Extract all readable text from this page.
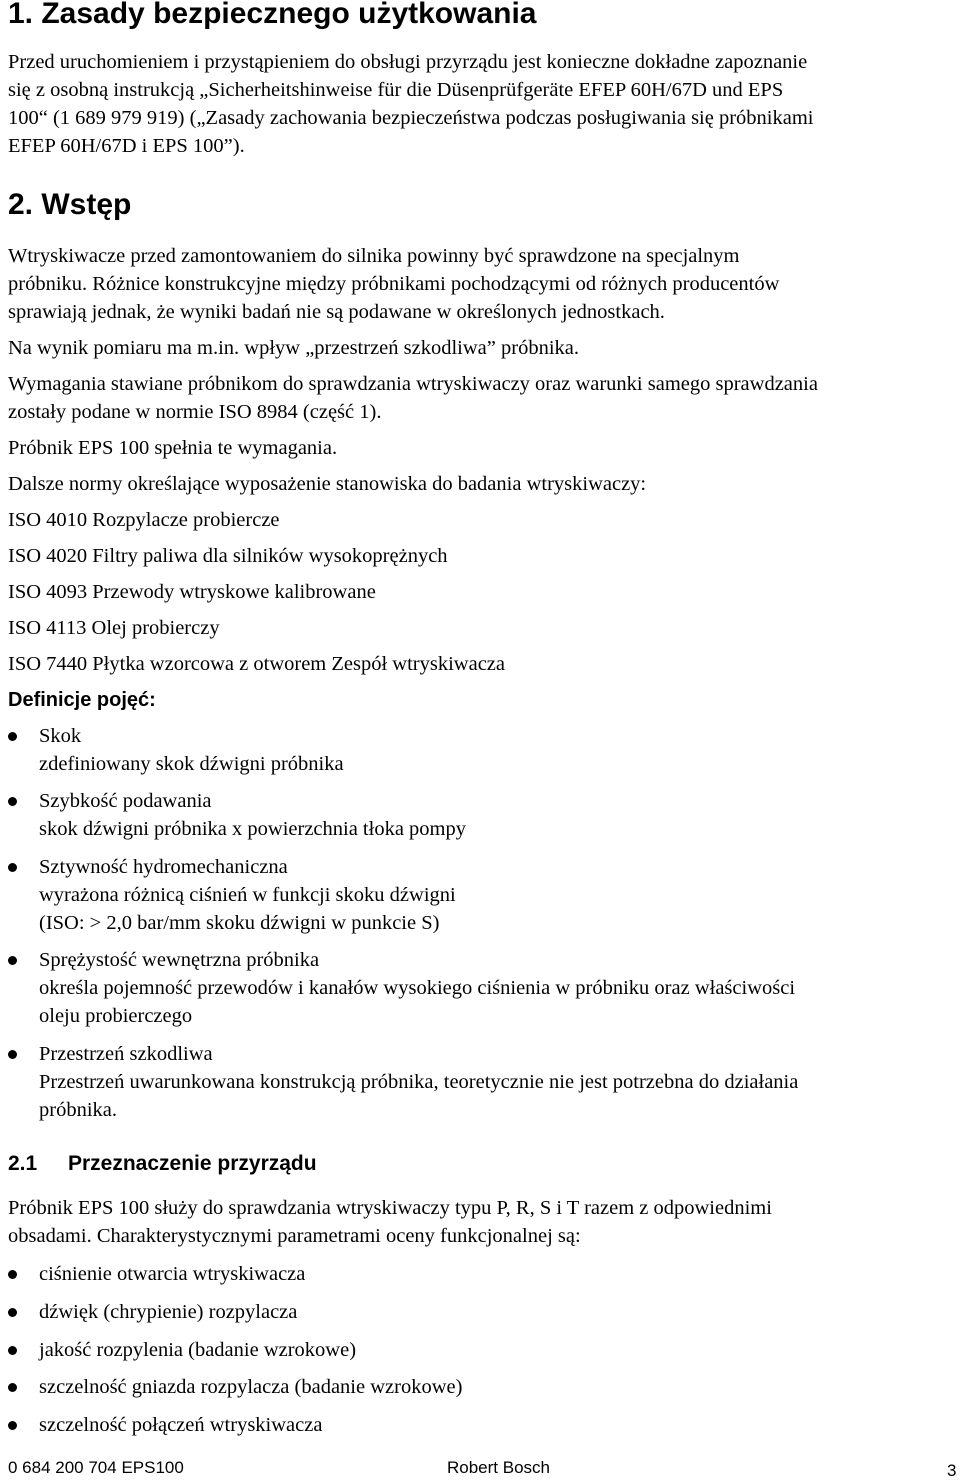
1. Zasady bezpiecznego użytkowania
Przed uruchomieniem i przystąpieniem do obsługi przyrządu jest konieczne dokładne zapoznanie
się z osobną instrukcją „Sicherheitshinweise für die Düsenprüfgeräte EFEP 60H/67D und EPS
100“ (1 689 979 919) („Zasady zachowania bezpieczeństwa podczas posługiwania się próbnikami
EFEP 60H/67D i EPS 100”).
2. Wstęp
Wtryskiwacze przed zamontowaniem do silnika powinny być sprawdzone na specjalnym
próbniku. Różnice konstrukcyjne między próbnikami pochodzącymi od różnych producentów
sprawiają jednak, że wyniki badań nie są podawane w określonych jednostkach.
Na wynik pomiaru ma m.in. wpływ „przestrzeń szkodliwa” próbnika.
Wymagania stawiane próbnikom do sprawdzania wtryskiwaczy oraz warunki samego sprawdzania
zostały podane w normie ISO 8984 (część 1).
Próbnik EPS 100 spełnia te wymagania.
Dalsze normy określające wyposażenie stanowiska do badania wtryskiwaczy:
ISO 4010 Rozpylacze probiercze
ISO 4020 Filtry paliwa dla silników wysokoprężnych
ISO 4093 Przewody wtryskowe kalibrowane
ISO 4113 Olej probierczy
ISO 7440 Płytka wzorcowa z otworem Zespół wtryskiwacza
Definicje pojęć:
Skok
zdefiniowany skok dźwigni próbnika
Szybkość podawania
skok dźwigni próbnika x powierzchnia tłoka pompy
Sztywność hydromechaniczna
wyrażona różnicą ciśnień w funkcji skoku dźwigni
(ISO: > 2,0 bar/mm skoku dźwigni w punkcie S)
Sprężystość wewnętrzna próbnika
określa pojemność przewodów i kanałów wysokiego ciśnienia w próbniku oraz właściwości
oleju probierczego
Przestrzeń szkodliwa
Przestrzeń uwarunkowana konstrukcją próbnika, teoretycznie nie jest potrzebna do działania
próbnika.
2.1 Przeznaczenie przyrządu
Próbnik EPS 100 służy do sprawdzania wtryskiwaczy typu P, R, S i T razem z odpowiednimi
obsadami. Charakterystycznymi parametrami oceny funkcjonalnej są:
ciśnienie otwarcia wtryskiwacza
dźwięk (chrypienie) rozpylacza
jakość rozpylenia (badanie wzrokowe)
szczelność gniazda rozpylacza (badanie wzrokowe)
szczelność połączeń wtryskiwacza
0 684 200 704 EPS100	Robert Bosch	3
